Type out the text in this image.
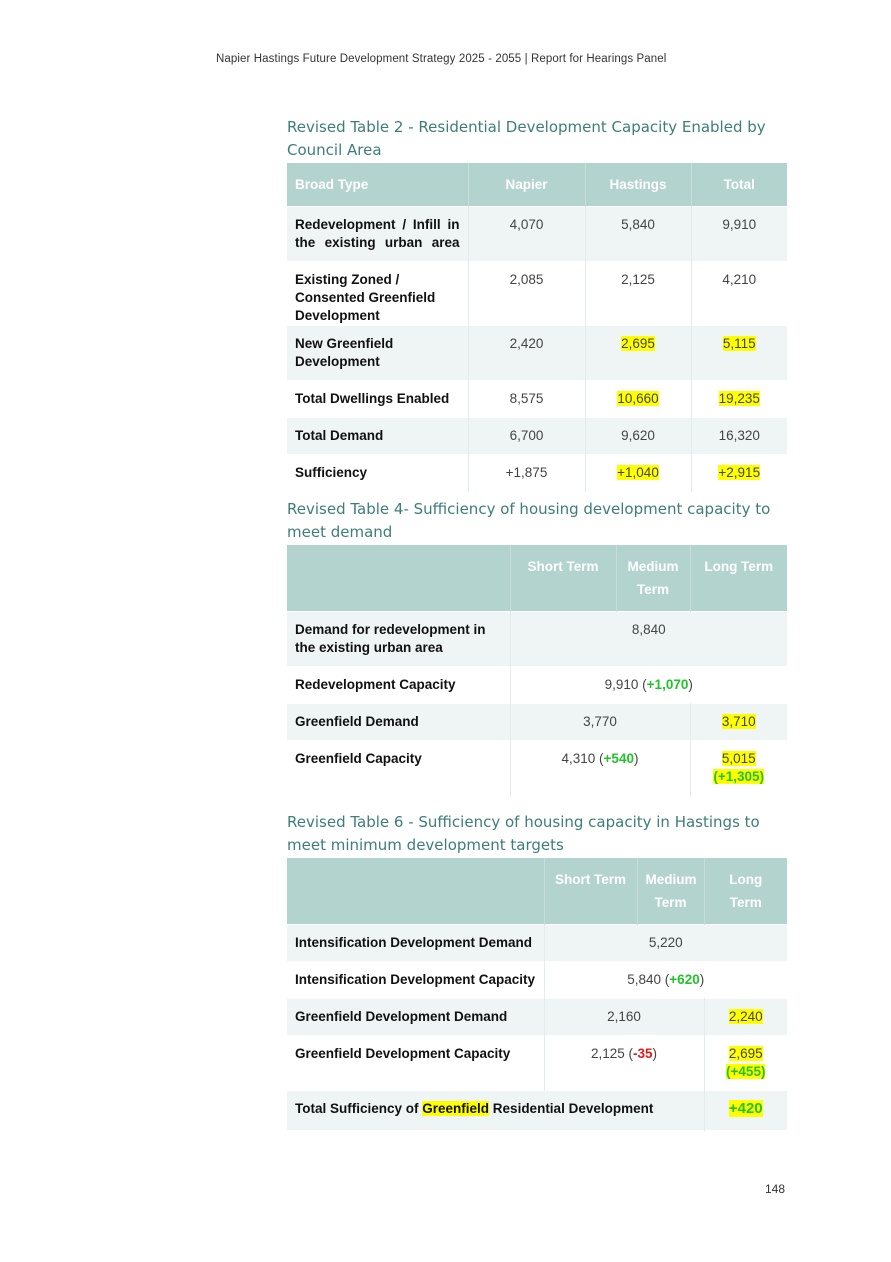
Napier Hastings Future Development Strategy 2025 - 2055 | Report for Hearings Panel
Revised Table 2 - Residential Development Capacity Enabled by Council Area
Broad Type	Napier	Hastings	Total

Redevelopment / Infill in the existing urban area	4,070	5,840	9,910
Existing Zoned / Consented Greenfield Development	2,085	2,125	4,210
New Greenfield Development	2,420	2,695	5,115
Total Dwellings Enabled	8,575	10,660	19,235
Total Demand	6,700	9,620	16,320
Sufficiency	+1,875	+1,040	+2,915
Revised Table 4- Sufficiency of housing development capacity to meet demand
	Short Term	Medium Term	Long Term
Demand for redevelopment in the existing urban area	8,840		
Redevelopment Capacity	9,910 (+1,070)		
Greenfield Demand	3,770		3,710
Greenfield Capacity	4,310 (+540)		5,015
(+1,305)
Revised Table 6 - Sufficiency of housing capacity in Hastings to meet minimum development targets
	Short Term	Medium Term	Long Term
Intensification Development Demand	5,220		
Intensification Development Capacity	5,840 (+620)		
Greenfield Development Demand	2,160		2,240
Greenfield Development Capacity	2,125 (-35)		2,695
(+455)
Total Sufficiency of Greenfield Residential Development			+420
148
